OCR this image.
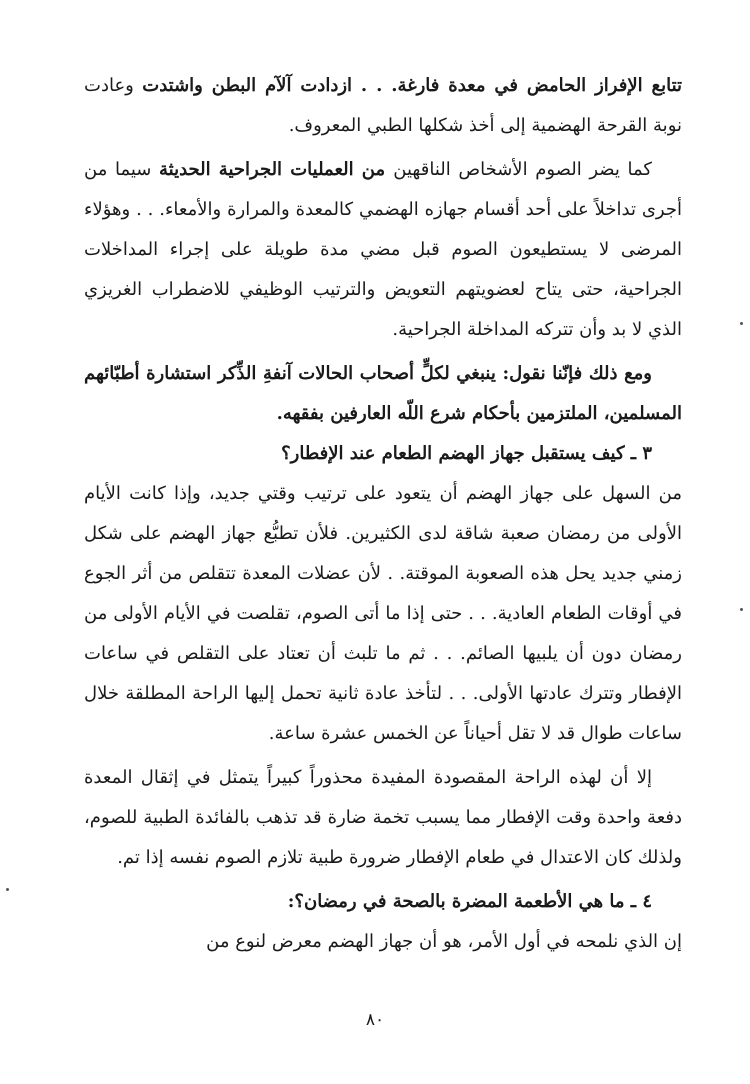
تتابع الإفراز الحامض في معدة فارغة. . . ازدادت آلآم البطن واشتدت وعادت نوبة القرحة الهضمية إلى أخذ شكلها الطبي المعروف.

كما يضر الصوم الأشخاص الناقهين من العمليات الجراحية الحديثة سيما من أجرى تداخلاً على أحد أقسام جهازه الهضمي كالمعدة والمرارة والأمعاء. . . وهؤلاء المرضى لا يستطيعون الصوم قبل مضي مدة طويلة على إجراء المداخلات الجراحية، حتى يتاح لعضويتهم التعويض والترتيب الوظيفي للاضطراب الغريزي الذي لا بد وأن تتركه المداخلة الجراحية.

ومع ذلك فإنّنا نقول: ينبغي لكلٍّ أصحاب الحالات آنفةِ الذِّكر استشارة أطبّائهم المسلمين، الملتزمين بأحكام شرع اللّه العارفين بفقهه.

٣ ـ كيف يستقبل جهاز الهضم الطعام عند الإفطار؟

من السهل على جهاز الهضم أن يتعود على ترتيب وقتي جديد، وإذا كانت الأيام الأولى من رمضان صعبة شاقة لدى الكثيرين. فلأن تطبُّع جهاز الهضم على شكل زمني جديد يحل هذه الصعوبة الموقتة. . لأن عضلات المعدة تتقلص من أثر الجوع في أوقات الطعام العادية. . . حتى إذا ما أتى الصوم، تقلصت في الأيام الأولى من رمضان دون أن يلبيها الصائم. . . ثم ما تلبث أن تعتاد على التقلص في ساعات الإفطار وتترك عادتها الأولى. . . لتأخذ عادة ثانية تحمل إليها الراحة المطلقة خلال ساعات طوال قد لا تقل أحياناً عن الخمس عشرة ساعة.

إلا أن لهذه الراحة المقصودة المفيدة محذوراً كبيراً يتمثل في إثقال المعدة دفعة واحدة وقت الإفطار مما يسبب تخمة ضارة قد تذهب بالفائدة الطبية للصوم، ولذلك كان الاعتدال في طعام الإفطار ضرورة طبية تلازم الصوم نفسه إذا تم.

٤ ـ ما هي الأطعمة المضرة بالصحة في رمضان؟:

إن الذي نلمحه في أول الأمر، هو أن جهاز الهضم معرض لنوع من

٨٠
